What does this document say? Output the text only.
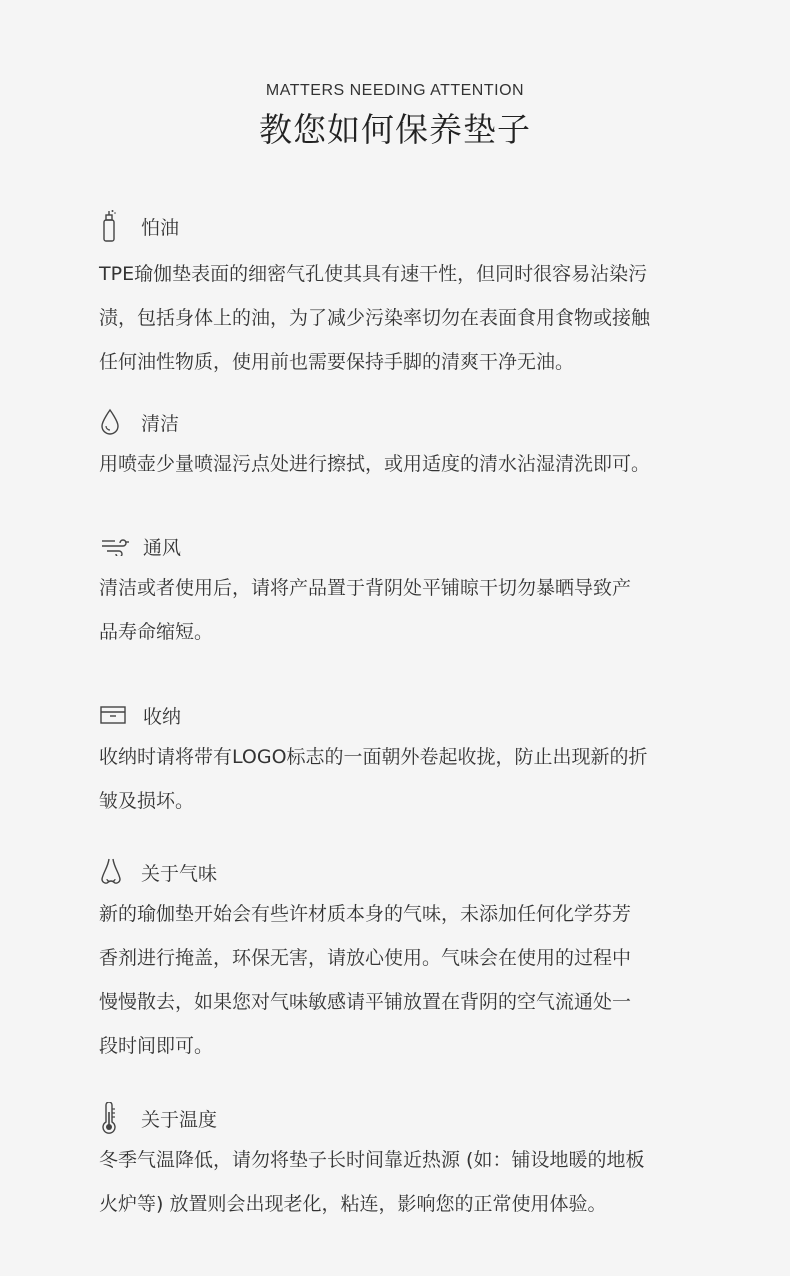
MATTERS NEEDING ATTENTION
教您如何保养垫子
怕油
TPE瑜伽垫表面的细密气孔使其具有速干性，但同时很容易沾染污
渍，包括身体上的油，为了减少污染率切勿在表面食用食物或接触
任何油性物质，使用前也需要保持手脚的清爽干净无油。
清洁
用喷壶少量喷湿污点处进行擦拭，或用适度的清水沾湿清洗即可。
通风
清洁或者使用后，请将产品置于背阴处平铺晾干切勿暴晒导致产
品寿命缩短。
收纳
收纳时请将带有LOGO标志的一面朝外卷起收拢，防止出现新的折
皱及损坏。
关于气味
新的瑜伽垫开始会有些许材质本身的气味，未添加任何化学芬芳
香剂进行掩盖，环保无害，请放心使用。气味会在使用的过程中
慢慢散去，如果您对气味敏感请平铺放置在背阴的空气流通处一
段时间即可。
关于温度
冬季气温降低，请勿将垫子长时间靠近热源 (如：铺设地暖的地板
火炉等) 放置则会出现老化，粘连，影响您的正常使用体验。
